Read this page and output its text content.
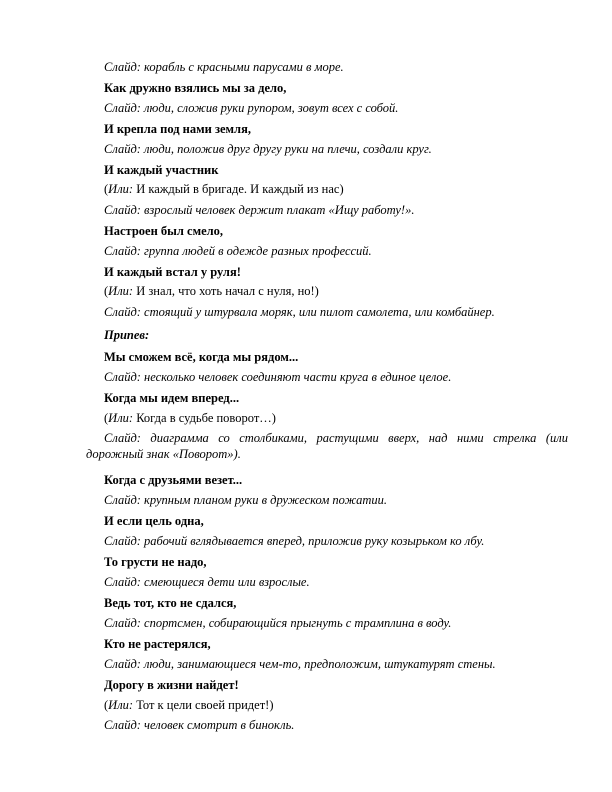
Слайд: корабль с красными парусами в море.
Как дружно взялись мы за дело,
Слайд: люди, сложив руки рупором, зовут всех с собой.
И крепла под нами земля,
Слайд: люди, положив друг другу руки на плечи, создали круг.
И каждый участник
(Или: И каждый в бригаде. И каждый из нас)
Слайд: взрослый человек держит плакат «Ищу работу!».
Настроен был смело,
Слайд: группа людей в одежде разных профессий.
И каждый встал у руля!
(Или: И знал, что хоть начал с нуля, но!)
Слайд: стоящий у штурвала моряк, или пилот самолета, или комбайнер.
Припев:
Мы сможем всё, когда мы рядом...
Слайд: несколько человек соединяют части круга в единое целое.
Когда мы идем вперед...
(Или: Когда в судьбе поворот…)
Слайд: диаграмма со столбиками, растущими вверх, над ними стрелка (или дорожный знак «Поворот»).
Когда с друзьями везет...
Слайд: крупным планом руки в дружеском пожатии.
И если цель одна,
Слайд: рабочий вглядывается вперед, приложив руку козырьком ко лбу.
То грусти не надо,
Слайд: смеющиеся дети или взрослые.
Ведь тот, кто не сдался,
Слайд: спортсмен, собирающийся прыгнуть с трамплина в воду.
Кто не растерялся,
Слайд: люди, занимающиеся чем-то, предположим, штукатурят стены.
Дорогу в жизни найдет!
(Или: Тот к цели своей придет!)
Слайд: человек смотрит в бинокль.
